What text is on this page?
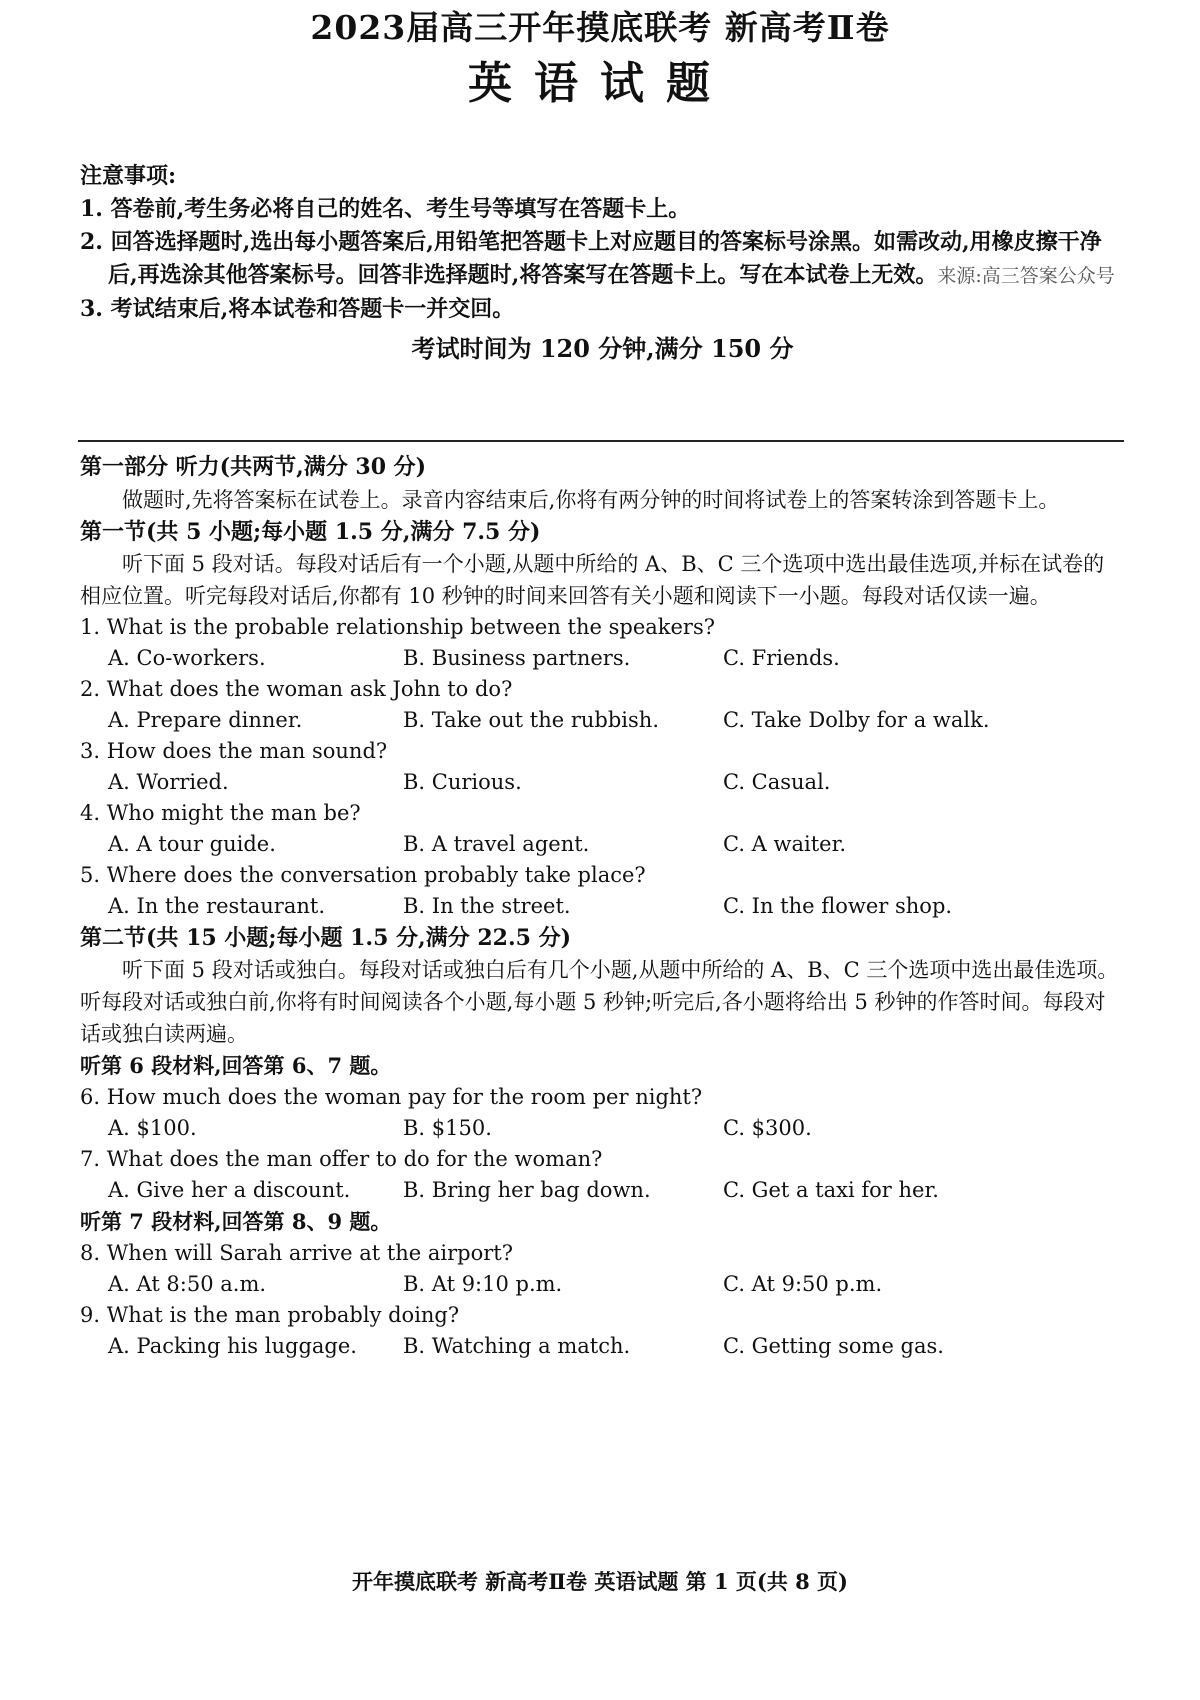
2023届高三开年摸底联考 新高考Ⅱ卷
英语试题
注意事项:
1. 答卷前,考生务必将自己的姓名、考生号等填写在答题卡上。
2. 回答选择题时,选出每小题答案后,用铅笔把答题卡上对应题目的答案标号涂黑。如需改动,用橡皮擦干净后,再选涂其他答案标号。回答非选择题时,将答案写在答题卡上。写在本试卷上无效。来源:高三答案公众号
3. 考试结束后,将本试卷和答题卡一并交回。
考试时间为 120 分钟,满分 150 分
第一部分 听力(共两节,满分 30 分)
做题时,先将答案标在试卷上。录音内容结束后,你将有两分钟的时间将试卷上的答案转涂到答题卡上。
第一节(共 5 小题;每小题 1.5 分,满分 7.5 分)
听下面 5 段对话。每段对话后有一个小题,从题中所给的 A、B、C 三个选项中选出最佳选项,并标在试卷的相应位置。听完每段对话后,你都有 10 秒钟的时间来回答有关小题和阅读下一小题。每段对话仅读一遍。
1. What is the probable relationship between the speakers?
A. Co-workers.	B. Business partners.	C. Friends.
2. What does the woman ask John to do?
A. Prepare dinner.	B. Take out the rubbish.	C. Take Dolby for a walk.
3. How does the man sound?
A. Worried.	B. Curious.	C. Casual.
4. Who might the man be?
A. A tour guide.	B. A travel agent.	C. A waiter.
5. Where does the conversation probably take place?
A. In the restaurant.	B. In the street.	C. In the flower shop.
第二节(共 15 小题;每小题 1.5 分,满分 22.5 分)
听下面 5 段对话或独白。每段对话或独白后有几个小题,从题中所给的 A、B、C 三个选项中选出最佳选项。听每段对话或独白前,你将有时间阅读各个小题,每小题 5 秒钟;听完后,各小题将给出 5 秒钟的作答时间。每段对话或独白读两遍。
听第 6 段材料,回答第 6、7 题。
6. How much does the woman pay for the room per night?
A. $100.	B. $150.	C. $300.
7. What does the man offer to do for the woman?
A. Give her a discount.	B. Bring her bag down.	C. Get a taxi for her.
听第 7 段材料,回答第 8、9 题。
8. When will Sarah arrive at the airport?
A. At 8:50 a.m.	B. At 9:10 p.m.	C. At 9:50 p.m.
9. What is the man probably doing?
A. Packing his luggage.	B. Watching a match.	C. Getting some gas.
开年摸底联考 新高考Ⅱ卷 英语试题 第 1 页(共 8 页)
